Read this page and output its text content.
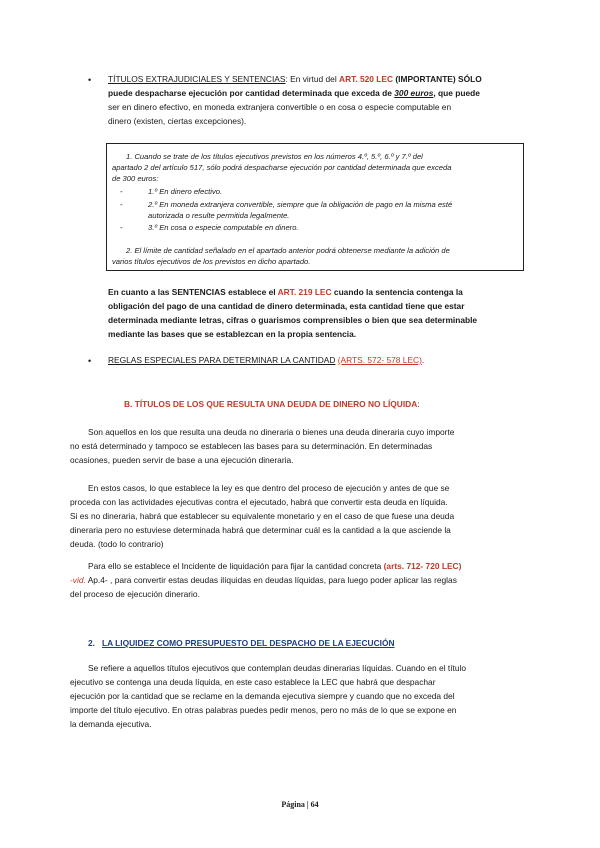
• TÍTULOS EXTRAJUDICIALES Y SENTENCIAS: En virtud del ART. 520 LEC (IMPORTANTE) SÓLO

puede despacharse ejecución por cantidad determinada que exceda de 300 euros, que puede

ser en dinero efectivo, en moneda extranjera convertible o en cosa o especie computable en

dinero (existen, ciertas excepciones).

1. Cuando se trate de los títulos ejecutivos previstos en los números 4.º, 5.º, 6.º y 7.º del

apartado 2 del artículo 517, sólo podrá despacharse ejecución por cantidad determinada que exceda

de 300 euros:

-	1.º En dinero efectivo.

-	2.º En moneda extranjera convertible, siempre que la obligación de pago en la misma esté

autorizada o resulte permitida legalmente.

-	3.º En cosa o especie computable en dinero.

2. El límite de cantidad señalado en el apartado anterior podrá obtenerse mediante la adición de

varios títulos ejecutivos de los previstos en dicho apartado.

En cuanto a las SENTENCIAS establece el ART. 219 LEC cuando la sentencia contenga la

obligación del pago de una cantidad de dinero determinada, esta cantidad tiene que estar

determinada mediante letras, cifras o guarismos comprensibles o bien que sea determinable

mediante las bases que se establezcan en la propia sentencia.

• REGLAS ESPECIALES PARA DETERMINAR LA CANTIDAD (ARTS. 572- 578 LEC).

B. TÍTULOS DE LOS QUE RESULTA UNA DEUDA DE DINERO NO LÍQUIDA:

Son aquellos en los que resulta una deuda no dineraria o bienes una deuda dineraria cuyo importe

no está determinado y tampoco se establecen las bases para su determinación. En determinadas

ocasiones, pueden servir de base a una ejecución dineraria.

En estos casos, lo que establece la ley es que dentro del proceso de ejecución y antes de que se

proceda con las actividades ejecutivas contra el ejecutado, habrá que convertir esta deuda en líquida.

Si es no dineraria, habrá que establecer su equivalente monetario y en el caso de que fuese una deuda

dineraria pero no estuviese determinada habrá que determinar cuál es la cantidad a la que asciende la

deuda. (todo lo contrario)

Para ello se establece el Incidente de liquidación para fijar la cantidad concreta (arts. 712- 720 LEC)

-vid. Ap.4- , para convertir estas deudas ilíquidas en deudas líquidas, para luego poder aplicar las reglas

del proceso de ejecución dinerario.

2. LA LIQUIDEZ COMO PRESUPUESTO DEL DESPACHO DE LA EJECUCIÓN

Se refiere a aquellos títulos ejecutivos que contemplan deudas dinerarias líquidas. Cuando en el título

ejecutivo se contenga una deuda líquida, en este caso establece la LEC que habrá que despachar

ejecución por la cantidad que se reclame en la demanda ejecutiva siempre y cuando que no exceda del

importe del título ejecutivo. En otras palabras puedes pedir menos, pero no más de lo que se expone en

la demanda ejecutiva.

Página | 64
